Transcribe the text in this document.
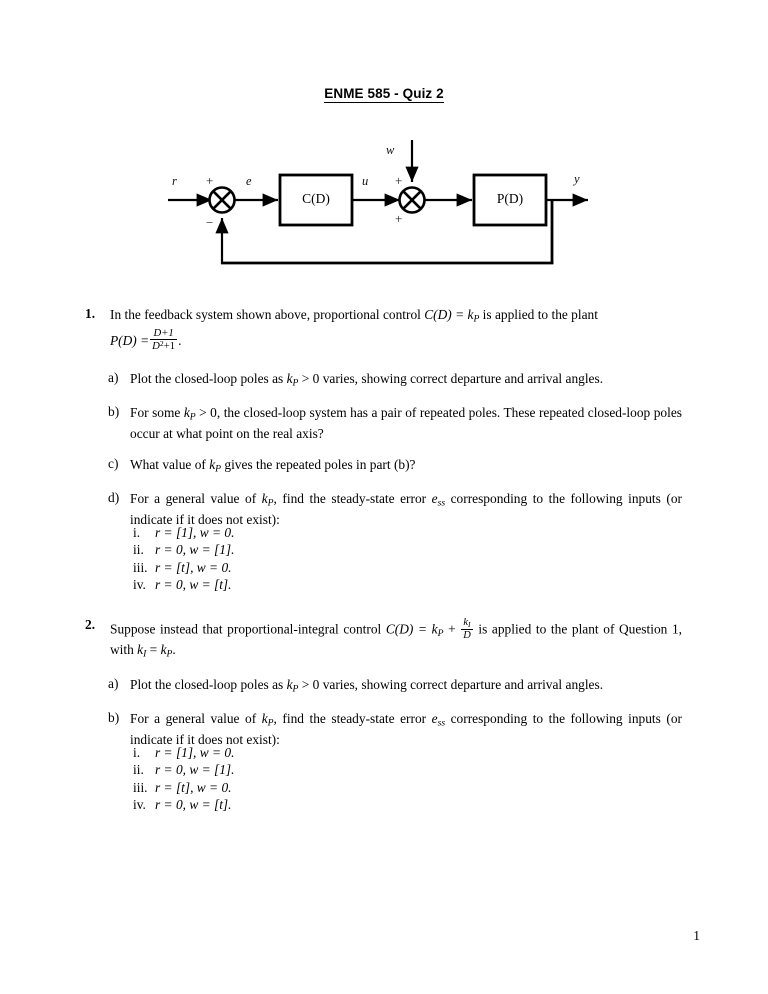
ENME 585 - Quiz 2
r	e	u
w
y
+
−
+
+
C(D)	P(D)
1. In the feedback system shown above, proportional control $C(D) = k_P$ is applied to the plant
$P(D) = \frac{D+1}{D^2+1}$ .
a) Plot the closed-loop poles as $k_P > 0$ varies, showing correct departure and arrival angles.
b) For some $k_P > 0$, the closed-loop system has a pair of repeated poles. These repeated closed-loop poles occur at what point on the real axis?
c) What value of $k_P$ gives the repeated poles in part (b)?
d) For a general value of $k_P$, find the steady-state error $e_{ss}$ corresponding to the following inputs (or indicate if it does not exist):
i. r = [1], w = 0.
ii. r = 0, w = [1].
iii. r = [t], w = 0.
iv. r = 0, w = [t].
2. Suppose instead that proportional-integral control $C(D) = k_P + \frac{k_I}{D}$ is applied to the plant of Question 1, with $k_I = k_P$.
a) Plot the closed-loop poles as $k_P > 0$ varies, showing correct departure and arrival angles.
b) For a general value of $k_P$, find the steady-state error $e_{ss}$ corresponding to the following inputs (or indicate if it does not exist):
i. r = [1], w = 0.
ii. r = 0, w = [1].
iii. r = [t], w = 0.
iv. r = 0, w = [t].
1
